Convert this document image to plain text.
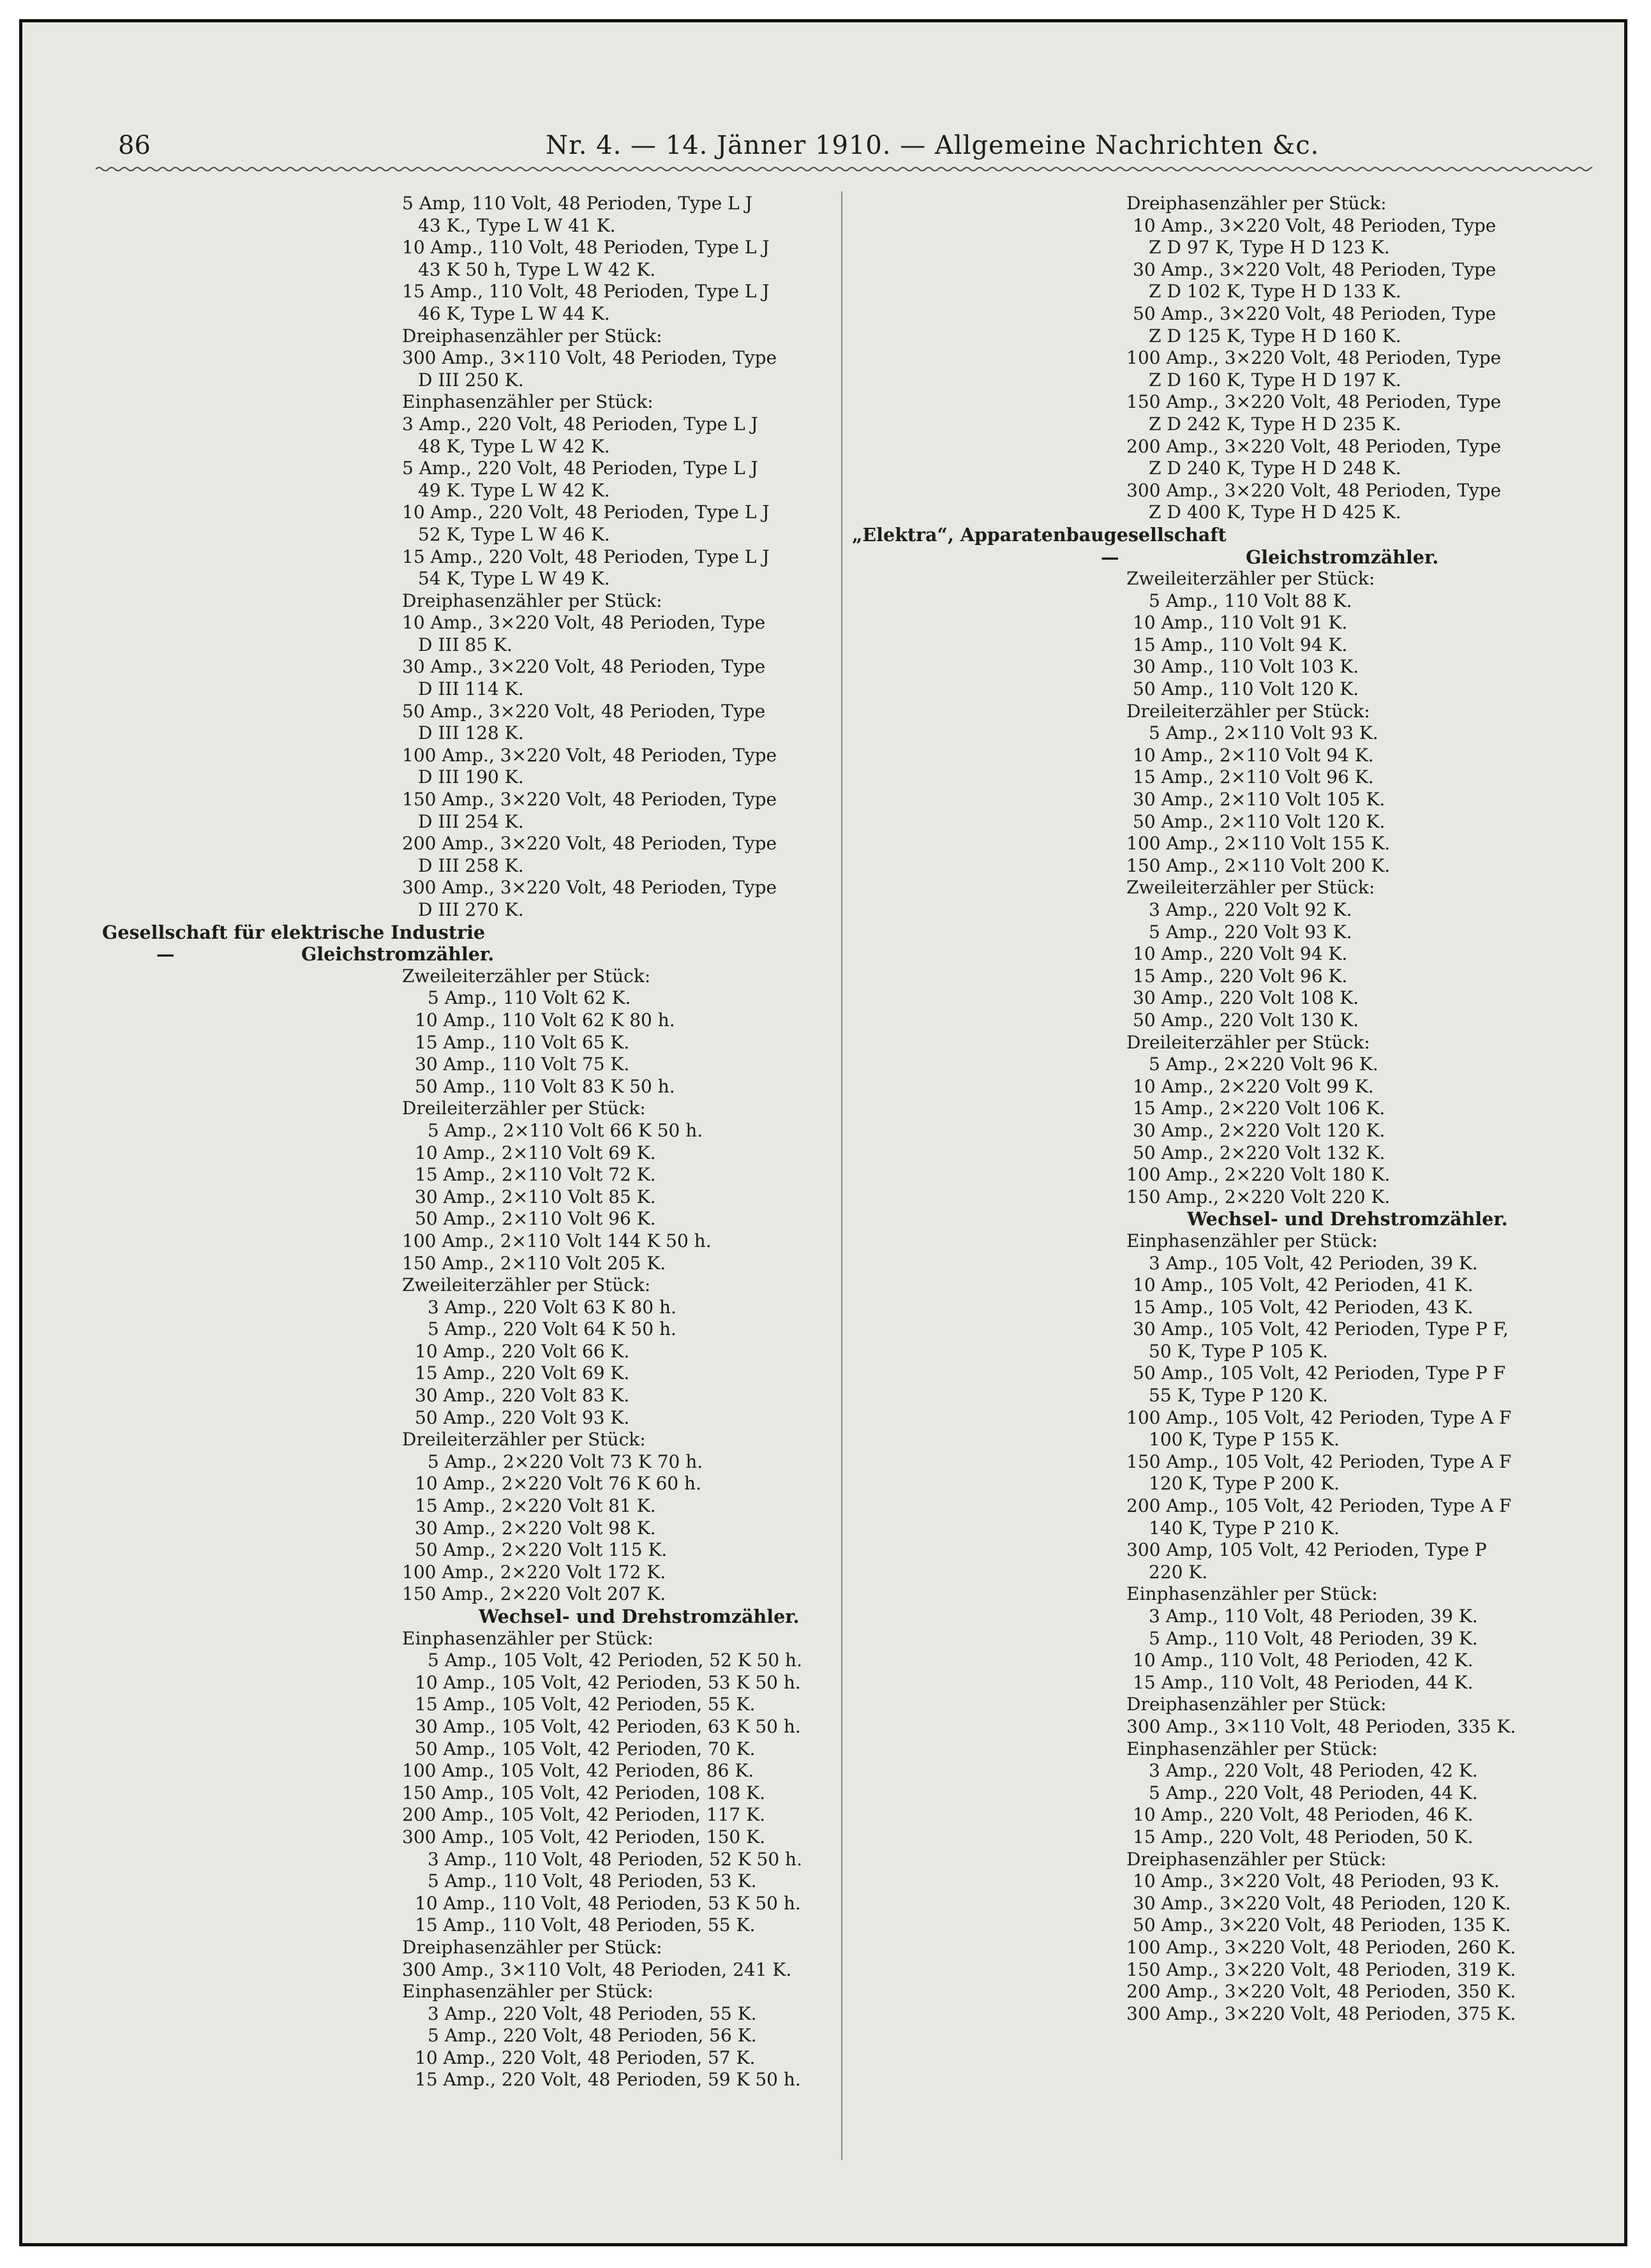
86	Nr. 4. — 14. Jänner 1910. — Allgemeine Nachrichten &c.
5 Amp, 110 Volt, 48 Perioden, Type L J
43 K., Type L W 41 K.
10 Amp., 110 Volt, 48 Perioden, Type L J
43 K 50 h, Type L W 42 K.
15 Amp., 110 Volt, 48 Perioden, Type L J
46 K, Type L W 44 K.
Dreiphasenzähler per Stück:
300 Amp., 3×110 Volt, 48 Perioden, Type
D III 250 K.
Einphasenzähler per Stück:
3 Amp., 220 Volt, 48 Perioden, Type L J
48 K, Type L W 42 K.
5 Amp., 220 Volt, 48 Perioden, Type L J
49 K. Type L W 42 K.
10 Amp., 220 Volt, 48 Perioden, Type L J
52 K, Type L W 46 K.
15 Amp., 220 Volt, 48 Perioden, Type L J
54 K, Type L W 49 K.
Dreiphasenzähler per Stück:
10 Amp., 3×220 Volt, 48 Perioden, Type
D III 85 K.
30 Amp., 3×220 Volt, 48 Perioden, Type
D III 114 K.
50 Amp., 3×220 Volt, 48 Perioden, Type
D III 128 K.
100 Amp., 3×220 Volt, 48 Perioden, Type
D III 190 K.
150 Amp., 3×220 Volt, 48 Perioden, Type
D III 254 K.
200 Amp., 3×220 Volt, 48 Perioden, Type
D III 258 K.
300 Amp., 3×220 Volt, 48 Perioden, Type
D III 270 K.
Gesellschaft für elektrische Industrie
—                    Gleichstromzähler.
Zweileiterzähler per Stück:
5 Amp., 110 Volt 62 K.
10 Amp., 110 Volt 62 K 80 h.
15 Amp., 110 Volt 65 K.
30 Amp., 110 Volt 75 K.
50 Amp., 110 Volt 83 K 50 h.
Dreileiterzähler per Stück:
5 Amp., 2×110 Volt 66 K 50 h.
10 Amp., 2×110 Volt 69 K.
15 Amp., 2×110 Volt 72 K.
30 Amp., 2×110 Volt 85 K.
50 Amp., 2×110 Volt 96 K.
100 Amp., 2×110 Volt 144 K 50 h.
150 Amp., 2×110 Volt 205 K.
Zweileiterzähler per Stück:
3 Amp., 220 Volt 63 K 80 h.
5 Amp., 220 Volt 64 K 50 h.
10 Amp., 220 Volt 66 K.
15 Amp., 220 Volt 69 K.
30 Amp., 220 Volt 83 K.
50 Amp., 220 Volt 93 K.
Dreileiterzähler per Stück:
5 Amp., 2×220 Volt 73 K 70 h.
10 Amp., 2×220 Volt 76 K 60 h.
15 Amp., 2×220 Volt 81 K.
30 Amp., 2×220 Volt 98 K.
50 Amp., 2×220 Volt 115 K.
100 Amp., 2×220 Volt 172 K.
150 Amp., 2×220 Volt 207 K.
Wechsel- und Drehstromzähler.
Einphasenzähler per Stück:
5 Amp., 105 Volt, 42 Perioden, 52 K 50 h.
10 Amp., 105 Volt, 42 Perioden, 53 K 50 h.
15 Amp., 105 Volt, 42 Perioden, 55 K.
30 Amp., 105 Volt, 42 Perioden, 63 K 50 h.
50 Amp., 105 Volt, 42 Perioden, 70 K.
100 Amp., 105 Volt, 42 Perioden, 86 K.
150 Amp., 105 Volt, 42 Perioden, 108 K.
200 Amp., 105 Volt, 42 Perioden, 117 K.
300 Amp., 105 Volt, 42 Perioden, 150 K.
3 Amp., 110 Volt, 48 Perioden, 52 K 50 h.
5 Amp., 110 Volt, 48 Perioden, 53 K.
10 Amp., 110 Volt, 48 Perioden, 53 K 50 h.
15 Amp., 110 Volt, 48 Perioden, 55 K.
Dreiphasenzähler per Stück:
300 Amp., 3×110 Volt, 48 Perioden, 241 K.
Einphasenzähler per Stück:
3 Amp., 220 Volt, 48 Perioden, 55 K.
5 Amp., 220 Volt, 48 Perioden, 56 K.
10 Amp., 220 Volt, 48 Perioden, 57 K.
15 Amp., 220 Volt, 48 Perioden, 59 K 50 h.
Dreiphasenzähler per Stück:
10 Amp., 3×220 Volt, 48 Perioden, Type
Z D 97 K, Type H D 123 K.
30 Amp., 3×220 Volt, 48 Perioden, Type
Z D 102 K, Type H D 133 K.
50 Amp., 3×220 Volt, 48 Perioden, Type
Z D 125 K, Type H D 160 K.
100 Amp., 3×220 Volt, 48 Perioden, Type
Z D 160 K, Type H D 197 K.
150 Amp., 3×220 Volt, 48 Perioden, Type
Z D 242 K, Type H D 235 K.
200 Amp., 3×220 Volt, 48 Perioden, Type
Z D 240 K, Type H D 248 K.
300 Amp., 3×220 Volt, 48 Perioden, Type
Z D 400 K, Type H D 425 K.
„Elektra“, Apparatenbaugesellschaft
—                    Gleichstromzähler.
Zweileiterzähler per Stück:
5 Amp., 110 Volt 88 K.
10 Amp., 110 Volt 91 K.
15 Amp., 110 Volt 94 K.
30 Amp., 110 Volt 103 K.
50 Amp., 110 Volt 120 K.
Dreileiterzähler per Stück:
5 Amp., 2×110 Volt 93 K.
10 Amp., 2×110 Volt 94 K.
15 Amp., 2×110 Volt 96 K.
30 Amp., 2×110 Volt 105 K.
50 Amp., 2×110 Volt 120 K.
100 Amp., 2×110 Volt 155 K.
150 Amp., 2×110 Volt 200 K.
Zweileiterzähler per Stück:
3 Amp., 220 Volt 92 K.
5 Amp., 220 Volt 93 K.
10 Amp., 220 Volt 94 K.
15 Amp., 220 Volt 96 K.
30 Amp., 220 Volt 108 K.
50 Amp., 220 Volt 130 K.
Dreileiterzähler per Stück:
5 Amp., 2×220 Volt 96 K.
10 Amp., 2×220 Volt 99 K.
15 Amp., 2×220 Volt 106 K.
30 Amp., 2×220 Volt 120 K.
50 Amp., 2×220 Volt 132 K.
100 Amp., 2×220 Volt 180 K.
150 Amp., 2×220 Volt 220 K.
Wechsel- und Drehstromzähler.
Einphasenzähler per Stück:
3 Amp., 105 Volt, 42 Perioden, 39 K.
10 Amp., 105 Volt, 42 Perioden, 41 K.
15 Amp., 105 Volt, 42 Perioden, 43 K.
30 Amp., 105 Volt, 42 Perioden, Type P F,
50 K, Type P 105 K.
50 Amp., 105 Volt, 42 Perioden, Type P F
55 K, Type P 120 K.
100 Amp., 105 Volt, 42 Perioden, Type A F
100 K, Type P 155 K.
150 Amp., 105 Volt, 42 Perioden, Type A F
120 K, Type P 200 K.
200 Amp., 105 Volt, 42 Perioden, Type A F
140 K, Type P 210 K.
300 Amp, 105 Volt, 42 Perioden, Type P
220 K.
Einphasenzähler per Stück:
3 Amp., 110 Volt, 48 Perioden, 39 K.
5 Amp., 110 Volt, 48 Perioden, 39 K.
10 Amp., 110 Volt, 48 Perioden, 42 K.
15 Amp., 110 Volt, 48 Perioden, 44 K.
Dreiphasenzähler per Stück:
300 Amp., 3×110 Volt, 48 Perioden, 335 K.
Einphasenzähler per Stück:
3 Amp., 220 Volt, 48 Perioden, 42 K.
5 Amp., 220 Volt, 48 Perioden, 44 K.
10 Amp., 220 Volt, 48 Perioden, 46 K.
15 Amp., 220 Volt, 48 Perioden, 50 K.
Dreiphasenzähler per Stück:
10 Amp., 3×220 Volt, 48 Perioden, 93 K.
30 Amp., 3×220 Volt, 48 Perioden, 120 K.
50 Amp., 3×220 Volt, 48 Perioden, 135 K.
100 Amp., 3×220 Volt, 48 Perioden, 260 K.
150 Amp., 3×220 Volt, 48 Perioden, 319 K.
200 Amp., 3×220 Volt, 48 Perioden, 350 K.
300 Amp., 3×220 Volt, 48 Perioden, 375 K.
